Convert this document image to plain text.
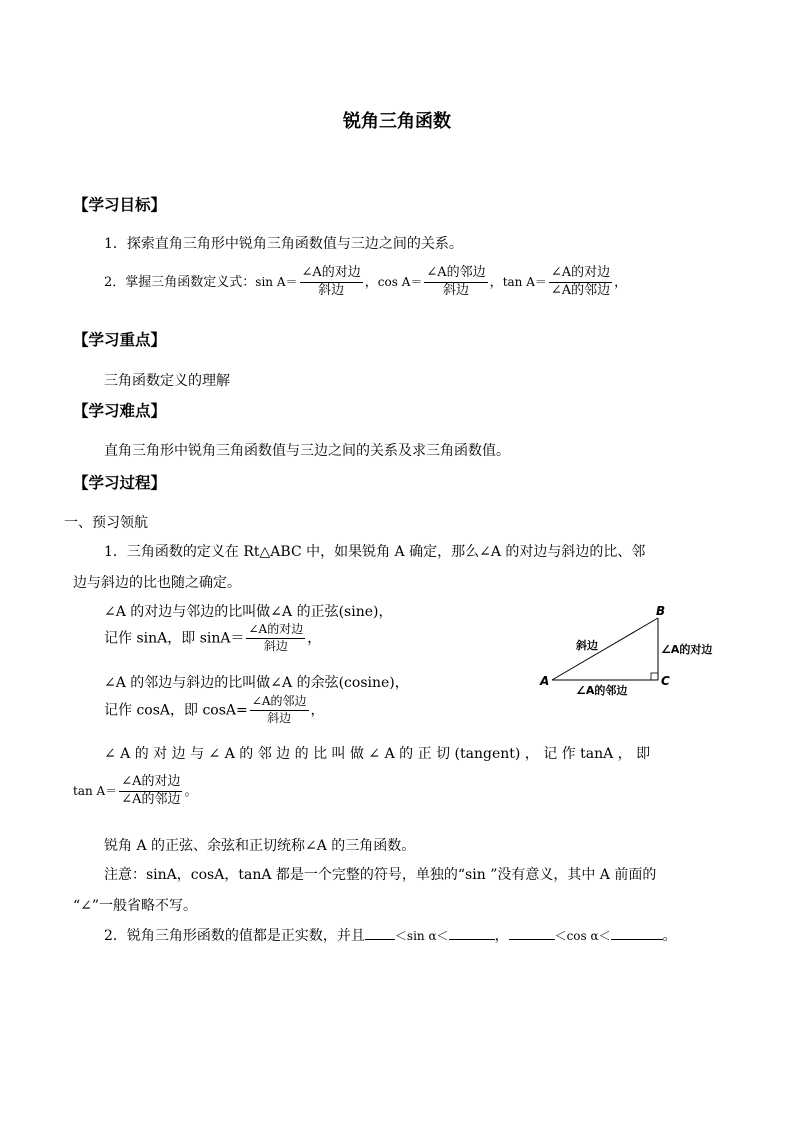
锐角三角函数
【学习目标】
1．探索直角三角形中锐角三角函数值与三边之间的关系。
2．掌握三角函数定义式：$\sin A= \frac{\text{∠A的对边}}{\text{斜边}}$ ，$\cos A= \frac{\text{∠A的邻边}}{\text{斜边}}$ ，$\tan A= \frac{\text{∠A的对边}}{\text{∠A的邻边}}$ ，
【学习重点】
三角函数定义的理解
【学习难点】
直角三角形中锐角三角函数值与三边之间的关系及求三角函数值。
【学习过程】
一、预习领航
1．三角函数的定义在 Rt△ABC 中，如果锐角 A 确定，那么∠A 的对边与斜边的比、邻
边与斜边的比也随之确定。
∠A 的对边与邻边的比叫做∠A 的正弦(sine)，
记作 sinA，即 $\sin A= \frac{\text{∠A的对边}}{\text{斜边}}$ ，
∠A 的邻边与斜边的比叫做∠A 的余弦(cosine)，
记作 cosA，即 $\cos A= \frac{\text{∠A的邻边}}{\text{斜边}}$ ，
∠ A 的 对 边 与 ∠ A 的 邻 边 的 比 叫 做 ∠ A 的 正 切 (tangent) ， 记 作 tanA ， 即
$\tan A= \frac{\text{∠A的对边}}{\text{∠A的邻边}}$ 。
锐角 A 的正弦、余弦和正切统称∠A 的三角函数。
注意：sinA，cosA，tanA 都是一个完整的符号，单独的“sin ”没有意义，其中 A 前面的
“∠”一般省略不写。
2．锐角三角形函数的值都是正实数，并且	＜sin α＜	，	＜cos α＜	。
A
B
C
斜边	∠A的对边
∠A的邻边
